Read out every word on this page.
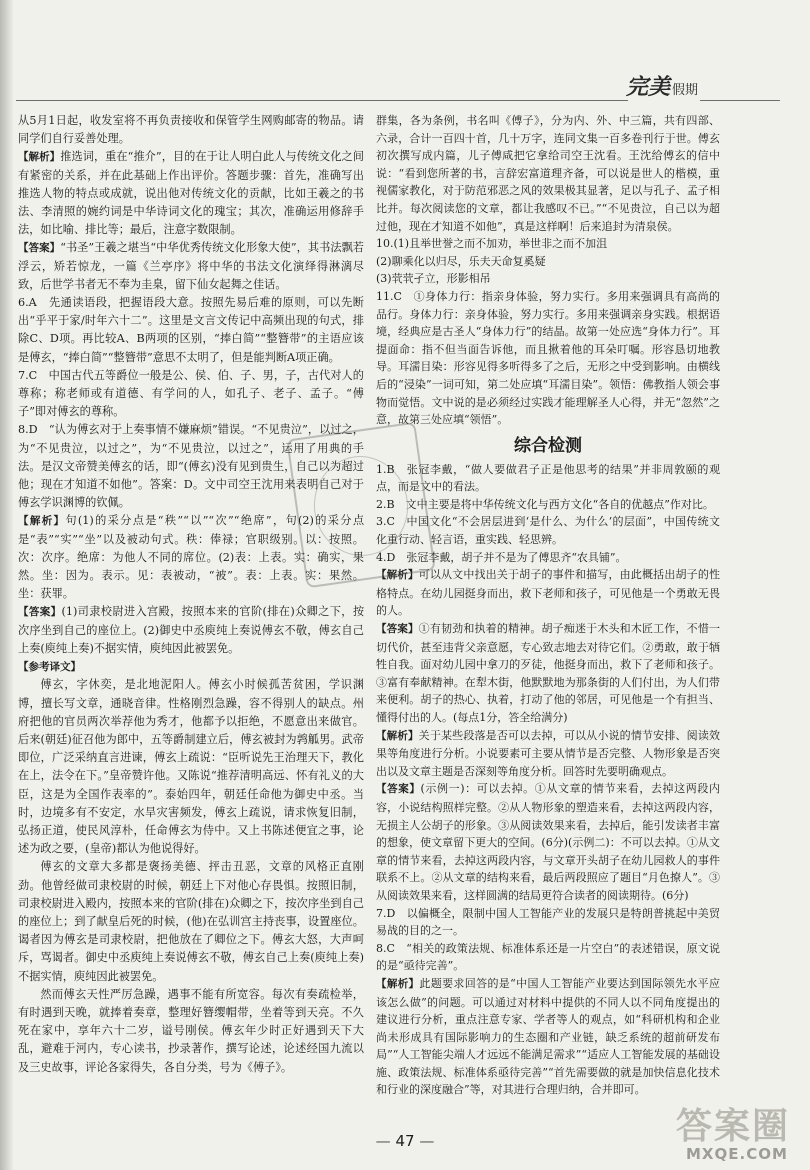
完美 假期
从5月1日起，收发室将不再负责接收和保管学生网购邮寄的物品。请同学们自行妥善处理。
【解析】推选词，重在“推介”，目的在于让人明白此人与传统文化之间有紧密的关系，并在此基础上作出评价。答题步骤：首先，准确写出推选人物的特点或成就，说出他对传统文化的贡献，比如王羲之的书法、李清照的婉约词是中华诗词文化的瑰宝；其次，准确运用修辞手法，如比喻、排比等；最后，注意字数限制。
【答案】“书圣”王羲之堪当“中华优秀传统文化形象大使”，其书法飘若浮云，矫若惊龙，一篇《兰亭序》将中华的书法文化演绎得淋漓尽致，后世学书者无不奉为圭臬，留下仙女起舞之佳话。
6.A　先通读语段，把握语段大意。按照先易后难的原则，可以先断出“乎平于家/时年六十二”。这里是文言文传记中高频出现的句式，排除C、D项。再比较A、B两项的区别，“捧白简”“整簪带”的主语应该是傅玄，“捧白简”“整簪带”意思不太明了，但是能判断A项正确。
7.C　中国古代五等爵位一般是公、侯、伯、子、男，子，古代对人的尊称；称老师或有道德、有学问的人，如孔子、老子、孟子。“傅子”即对傅玄的尊称。
8.D　“认为傅玄对于上奏事情不嫌麻烦”错误。“不见贵泣”，以过之，为“不见贵泣，以过之”，为“不见贵泣，以过之”，运用了用典的手法。是汉文帝赞美傅玄的话，即“(傅玄)没有见到贵生，自己以为超过他；现在才知道不如他”。答案：D。文中司空王沈用来表明自己对于傅玄学识渊博的钦佩。
【解析】句(1)的采分点是“秩”“以”“次”“绝席”，句(2)的采分点是“表”“实”“坐”以及被动句式。秩：俸禄；官职级别。以：按照。次：次序。绝席：为他人不同的席位。(2)表：上表。实：确实，果然。坐：因为。表示。见：表被动，“被”。表：上表。实：果然。坐：获罪。
【答案】(1)司隶校尉进入宫殿，按照本来的官阶(排在)众卿之下，按次序坐到自己的座位上。(2)御史中丞庾纯上奏说傅玄不敬，傅玄自己上奏(庾纯上奏)不据实情，庾纯因此被罢免。
【参考译文】
傅玄，字休奕，是北地泥阳人。傅玄小时候孤苦贫困，学识渊博，擅长写文章，通晓音律。性格刚烈急躁，容不得别人的缺点。州府把他的官员两次举荐他为秀才，他都予以拒绝，不愿意出来做官。后来(朝廷)征召他为郎中，五等爵制建立后，傅玄被封为鹑觚男。武帝即位，广泛采纳直言进谏，傅玄上疏说：“臣听说先王治理天下，教化在上，法令在下。”皇帝赞许他。又陈说“推荐清明高远、怀有礼义的大臣，这是为全国作表率的”。泰始四年，朝廷任命他为御史中丞。当时，边境多有不安定，水旱灾害频发，傅玄上疏说，请求恢复旧制，弘扬正道，使民风淳朴，任命傅玄为侍中。又上书陈述便宜之事，论述为政之要，(皇帝)都认为他说得好。
傅玄的文章大多都是褒扬美德、抨击丑恶，文章的风格正直刚劲。他曾经做司隶校尉的时候，朝廷上下对他心存畏惧。按照旧制，司隶校尉进入殿内，按照本来的官阶(排在)众卿之下，按次序坐到自己的座位上；到了献皇后死的时候，(他)在弘训宫主持丧事，设置座位。谒者因为傅玄是司隶校尉，把他放在了卿位之下。傅玄大怒，大声呵斥，骂谒者。御史中丞庾纯上奏说傅玄不敬，傅玄自己上奏(庾纯上奏)不据实情，庾纯因此被罢免。
然而傅玄天性严厉急躁，遇事不能有所宽容。每次有奏疏检举，有时遇到天晚，就捧着奏章，整理好簪缨帽带，坐着等到天亮。不久死在家中，享年六十二岁，谥号刚侯。傅玄年少时正好遇到天下大乱，避难于河内，专心读书，抄录著作，撰写论述，论述经国九流以及三史故事，评论各家得失，各自分类，号为《傅子》。
群集，各为条例，书名叫《傅子》，分为内、外、中三篇，共有四部、六录，合计一百四十首，几十万字，连同文集一百多卷刊行于世。傅玄初次撰写成内篇，儿子傅咸把它拿给司空王沈看。王沈给傅玄的信中说：“看到您所著的书，言辞宏富道理齐备，可以说是世人的楷模，重视儒家教化，对于防范邪恶之风的效果极其显著，足以与孔子、孟子相比并。每次阅读您的文章，都让我感叹不已。”“不见贵泣，自己以为超过他，现在才知道不如他”，真是这样啊！后来追封为清泉侯。
10.(1)且举世誉之而不加劝，举世非之而不加沮
(2)聊乘化以归尽，乐夫天命复奚疑
(3)茕茕孑立，形影相吊
11.C　①身体力行：指亲身体验，努力实行。多用来强调具有高尚的品行。身体力行：亲身体验，努力实行。多用来强调亲身实践。根据语境，经典应是古圣人“身体力行”的结晶。故第一处应选“身体力行”。耳提面命：指不但当面告诉他，而且揪着他的耳朵叮嘱。形容恳切地教导。耳濡目染：形容见得多听得多了之后，无形之中受到影响。由横线后的“浸染”一词可知，第二处应填“耳濡目染”。领悟：佛教指人领会事物而觉悟。文中说的是必须经过实践才能理解圣人心得，并无“忽然”之意，故第三处应填“领悟”。
综合检测
1.B　张冠李戴，“做人要做君子正是他思考的结果”并非周敦颐的观点，而是文中的看法。
2.B　文中主要是将中华传统文化与西方文化“各自的优越点”作对比。
3.C　中国文化“不会居层进到‘是什么、为什么’的层面”，中国传统文化重行动、轻言语，重实践、轻思辨。
4.D　张冠李戴，胡子并不是为了傅思齐“农具铺”。
【解析】可以从文中找出关于胡子的事件和描写，由此概括出胡子的性格特点。在幼儿园挺身而出，救下老师和孩子，可见他是一个勇敢无畏的人。
【答案】①有韧劲和执着的精神。胡子痴迷于木头和木匠工作，不惜一切代价，甚至违背父亲意愿，专心致志地去对待它们。②勇敢，敢于牺牲自我。面对幼儿园中拿刀的歹徒，他挺身而出，救下了老师和孩子。③富有奉献精神。在犁木街，他默默地为那条街的人们付出，为人们带来便利。胡子的热心、执着，打动了他的邻居，可见他是一个有担当、懂得付出的人。(每点1分，答全给满分)
【解析】关于某些段落是否可以去掉，可以从小说的情节安排、阅读效果等角度进行分析。小说要素可主要从情节是否完整、人物形象是否突出以及文章主题是否深刻等角度分析。回答时先要明确观点。
【答案】(示例一)：可以去掉。①从文章的情节来看，去掉这两段内容，小说结构照样完整。②从人物形象的塑造来看，去掉这两段内容，无损主人公胡子的形象。③从阅读效果来看，去掉后，能引发读者丰富的想象，使文章留下更大的空间。(6分)(示例二)：不可以去掉。①从文章的情节来看，去掉这两段内容，与文章开头胡子在幼儿园救人的事件联系不上。②从文章的结构来看，最后两段照应了题目“月色撩人”。③从阅读效果来看，这样圆满的结局更符合读者的阅读期待。(6分)
7.D　以偏概全，限制中国人工智能产业的发展只是特朗普挑起中美贸易战的目的之一。
8.C　“相关的政策法规、标准体系还是一片空白”的表述错误，原文说的是“亟待完善”。
【解析】此题要求回答的是“中国人工智能产业要达到国际领先水平应该怎么做”的问题。可以通过对材料中提供的不同人以不同角度提出的建议进行分析，重点注意专家、学者等人的观点，如“科研机构和企业尚未形成具有国际影响力的生态圈和产业链，缺乏系统的超前研发布局”“人工智能尖端人才远远不能满足需求”“适应人工智能发展的基础设施、政策法规、标准体系亟待完善”“首先需要做的就是加快信息化技术和行业的深度融合”等，对其进行合理归纳，合并即可。
— 47 —	答案圈
MXQE.COM
